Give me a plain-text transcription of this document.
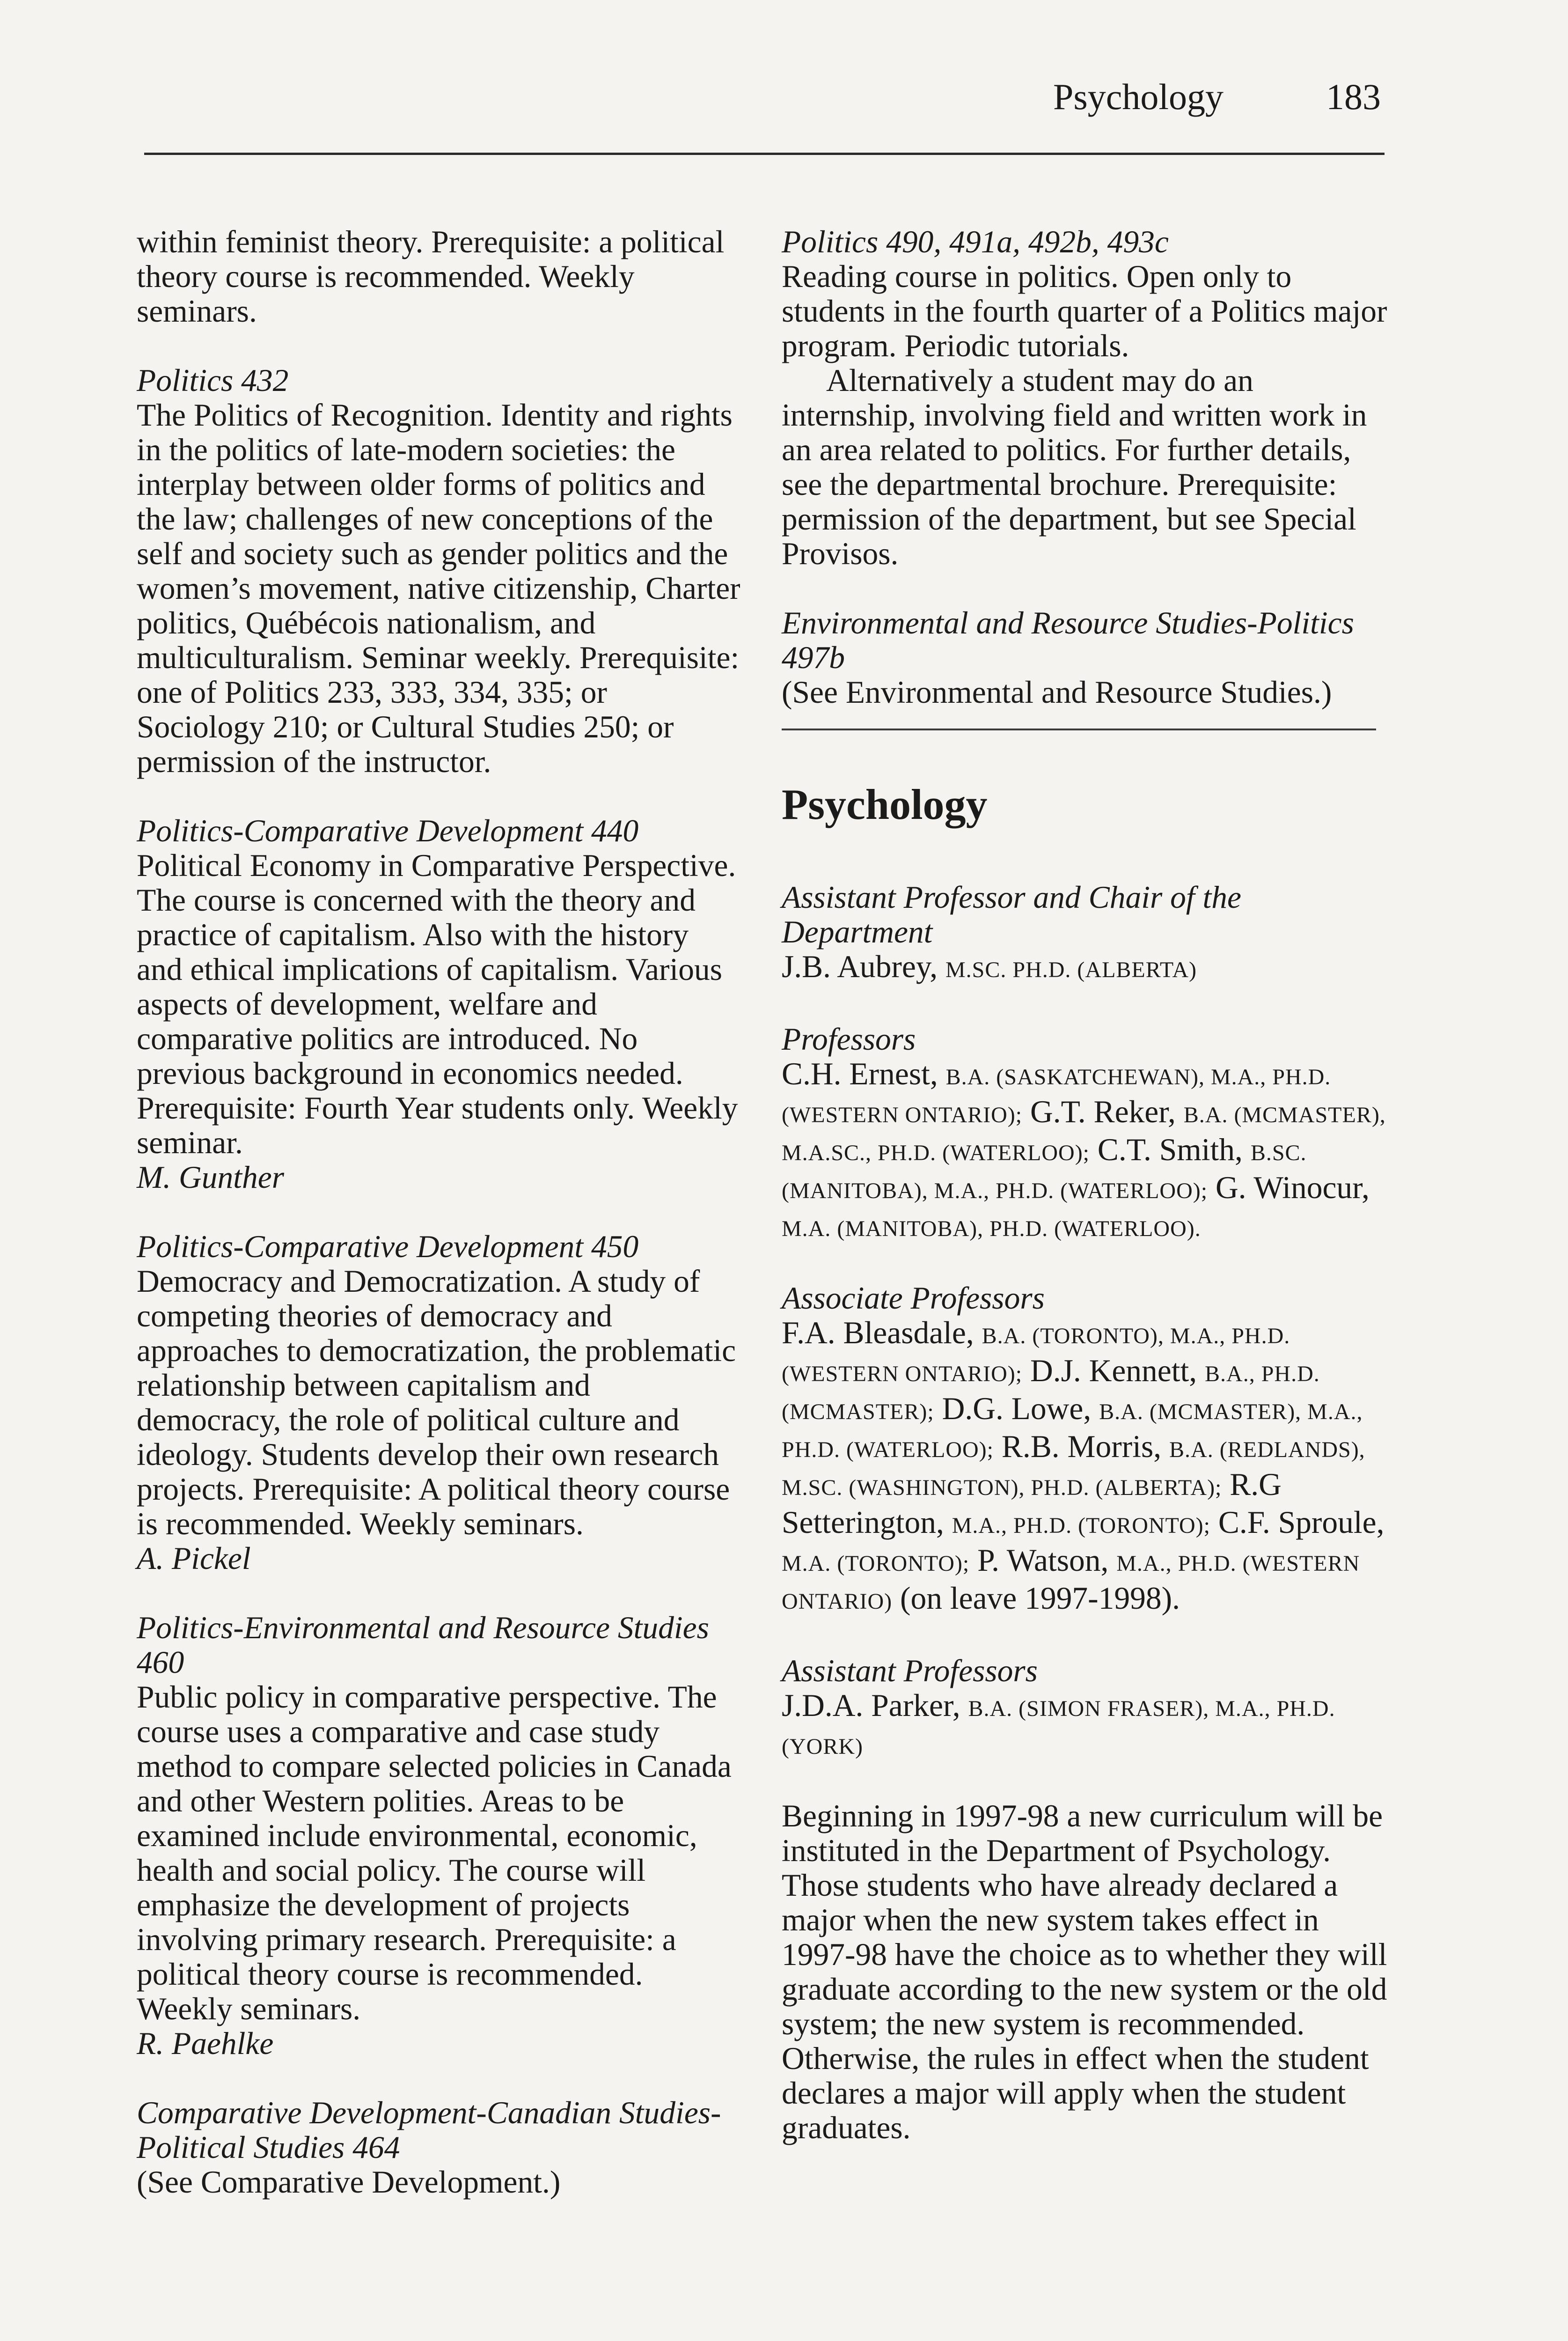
Psychology	183
within feminist theory. Prerequisite: a political theory course is recommended. Weekly seminars.
Politics 432
The Politics of Recognition. Identity and rights in the politics of late-modern societies: the interplay between older forms of politics and the law; challenges of new conceptions of the self and society such as gender politics and the women’s movement, native citizenship, Charter politics, Québécois nationalism, and multiculturalism. Seminar weekly. Prerequisite: one of Politics 233, 333, 334, 335; or Sociology 210; or Cultural Studies 250; or permission of the instructor.
Politics-Comparative Development 440
Political Economy in Comparative Perspective. The course is concerned with the theory and practice of capitalism. Also with the history and ethical implications of capitalism. Various aspects of development, welfare and comparative politics are introduced. No previous background in economics needed. Prerequisite: Fourth Year students only. Weekly seminar.
M. Gunther
Politics-Comparative Development 450
Democracy and Democratization. A study of competing theories of democracy and approaches to democratization, the problematic relationship between capitalism and democracy, the role of political culture and ideology. Students develop their own research projects. Prerequisite: A political theory course is recommended. Weekly seminars.
A. Pickel
Politics-Environmental and Resource Studies 460
Public policy in comparative perspective. The course uses a comparative and case study method to compare selected policies in Canada and other Western polities. Areas to be examined include environmental, economic, health and social policy. The course will emphasize the development of projects involving primary research. Prerequisite: a political theory course is recommended. Weekly seminars.
R. Paehlke
Comparative Development-Canadian Studies-Political Studies 464
(See Comparative Development.)
Politics 490, 491a, 492b, 493c
Reading course in politics. Open only to students in the fourth quarter of a Politics major program. Periodic tutorials.
Alternatively a student may do an internship, involving field and written work in an area related to politics. For further details, see the departmental brochure. Prerequisite: permission of the department, but see Special Provisos.
Environmental and Resource Studies-Politics 497b
(See Environmental and Resource Studies.)
Psychology
Assistant Professor and Chair of the Department
J.B. Aubrey, M.SC. PH.D. (ALBERTA)
Professors
C.H. Ernest, B.A. (SASKATCHEWAN), M.A., PH.D. (WESTERN ONTARIO); G.T. Reker, B.A. (MCMASTER), M.A.SC., PH.D. (WATERLOO); C.T. Smith, B.SC. (MANITOBA), M.A., PH.D. (WATERLOO); G. Winocur, M.A. (MANITOBA), PH.D. (WATERLOO).
Associate Professors
F.A. Bleasdale, B.A. (TORONTO), M.A., PH.D. (WESTERN ONTARIO); D.J. Kennett, B.A., PH.D. (MCMASTER); D.G. Lowe, B.A. (MCMASTER), M.A., PH.D. (WATERLOO); R.B. Morris, B.A. (REDLANDS), M.SC. (WASHINGTON), PH.D. (ALBERTA); R.G Setterington, M.A., PH.D. (TORONTO); C.F. Sproule, M.A. (TORONTO); P. Watson, M.A., PH.D. (WESTERN ONTARIO) (on leave 1997-1998).
Assistant Professors
J.D.A. Parker, B.A. (SIMON FRASER), M.A., PH.D. (YORK)
Beginning in 1997-98 a new curriculum will be instituted in the Department of Psychology. Those students who have already declared a major when the new system takes effect in 1997-98 have the choice as to whether they will graduate according to the new system or the old system; the new system is recommended. Otherwise, the rules in effect when the student declares a major will apply when the student graduates.
